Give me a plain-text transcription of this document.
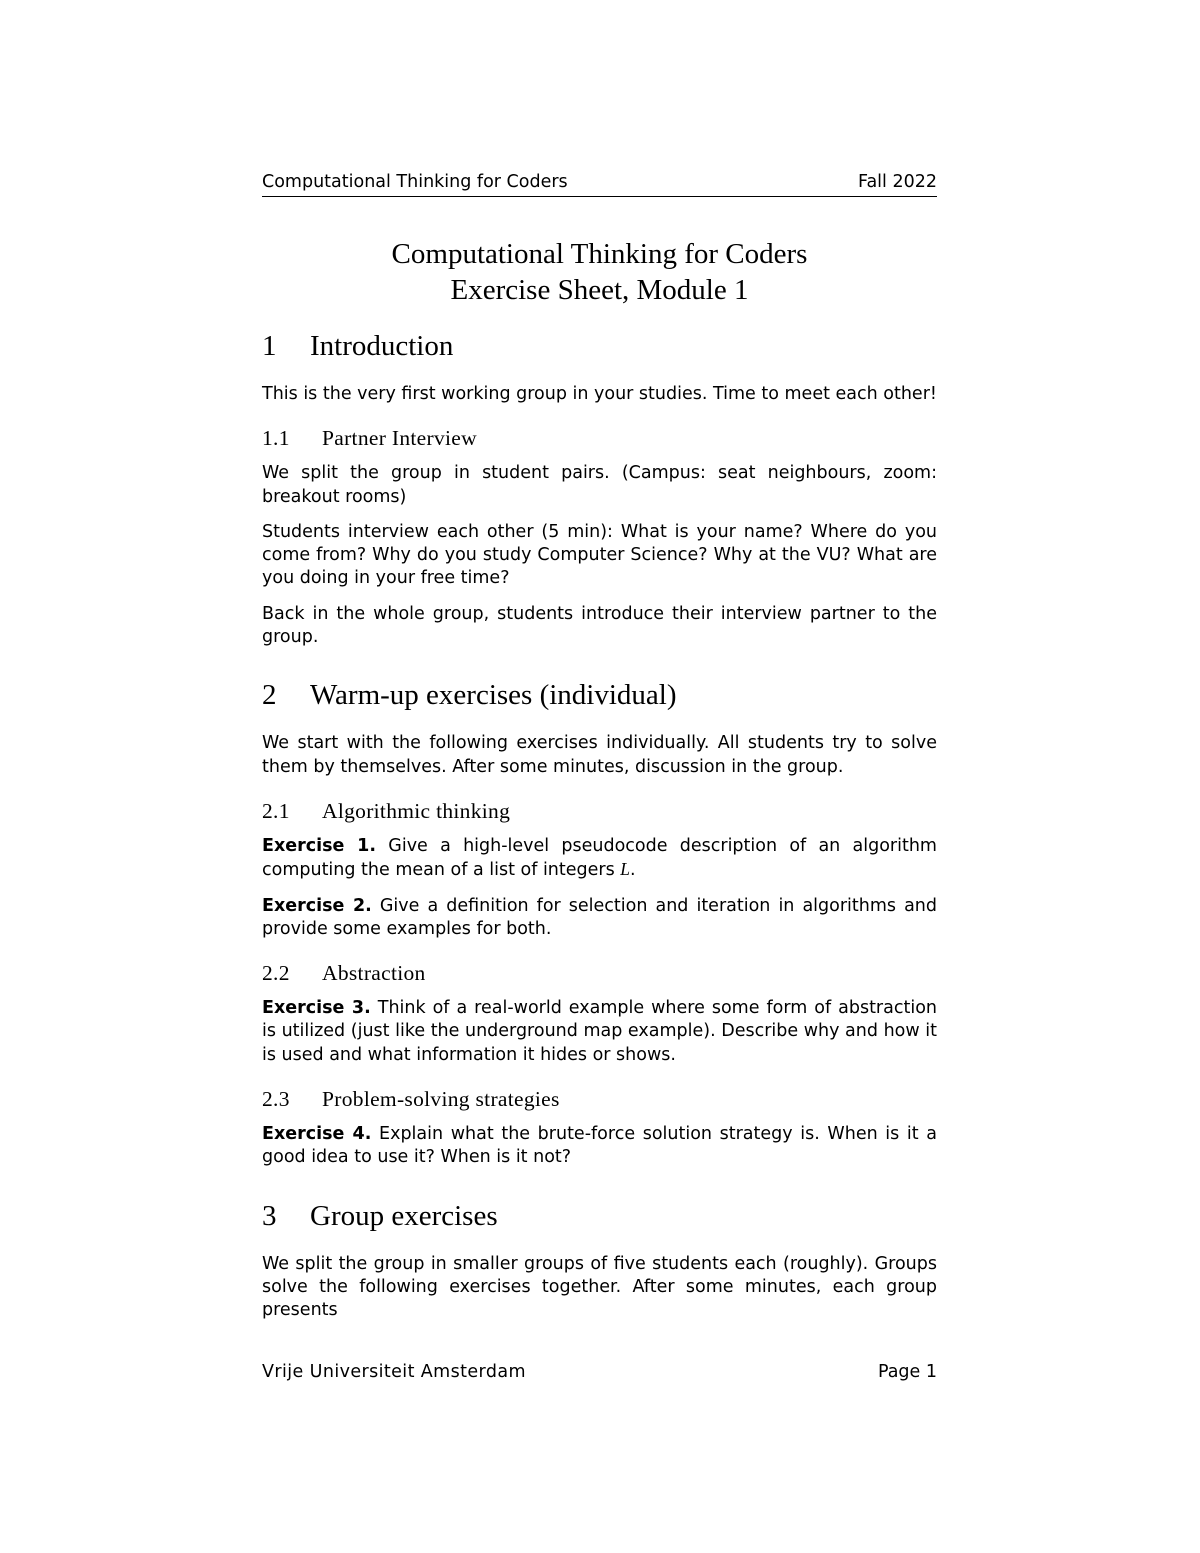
Computational Thinking for Coders	Fall 2022
Computational Thinking for Coders
Exercise Sheet, Module 1
1	Introduction
This is the very first working group in your studies. Time to meet each other!
1.1	Partner Interview
We split the group in student pairs. (Campus: seat neighbours, zoom: breakout rooms)
Students interview each other (5 min): What is your name? Where do you come from? Why do you study Computer Science? Why at the VU? What are you doing in your free time?
Back in the whole group, students introduce their interview partner to the group.
2	Warm-up exercises (individual)
We start with the following exercises individually. All students try to solve them by themselves. After some minutes, discussion in the group.
2.1	Algorithmic thinking
Exercise 1. Give a high-level pseudocode description of an algorithm computing the mean of a list of integers L.
Exercise 2. Give a definition for selection and iteration in algorithms and provide some examples for both.
2.2	Abstraction
Exercise 3. Think of a real-world example where some form of abstraction is utilized (just like the underground map example). Describe why and how it is used and what information it hides or shows.
2.3	Problem-solving strategies
Exercise 4. Explain what the brute-force solution strategy is. When is it a good idea to use it? When is it not?
3	Group exercises
We split the group in smaller groups of five students each (roughly). Groups solve the following exercises together. After some minutes, each group presents
Vrije Universiteit Amsterdam	Page 1
